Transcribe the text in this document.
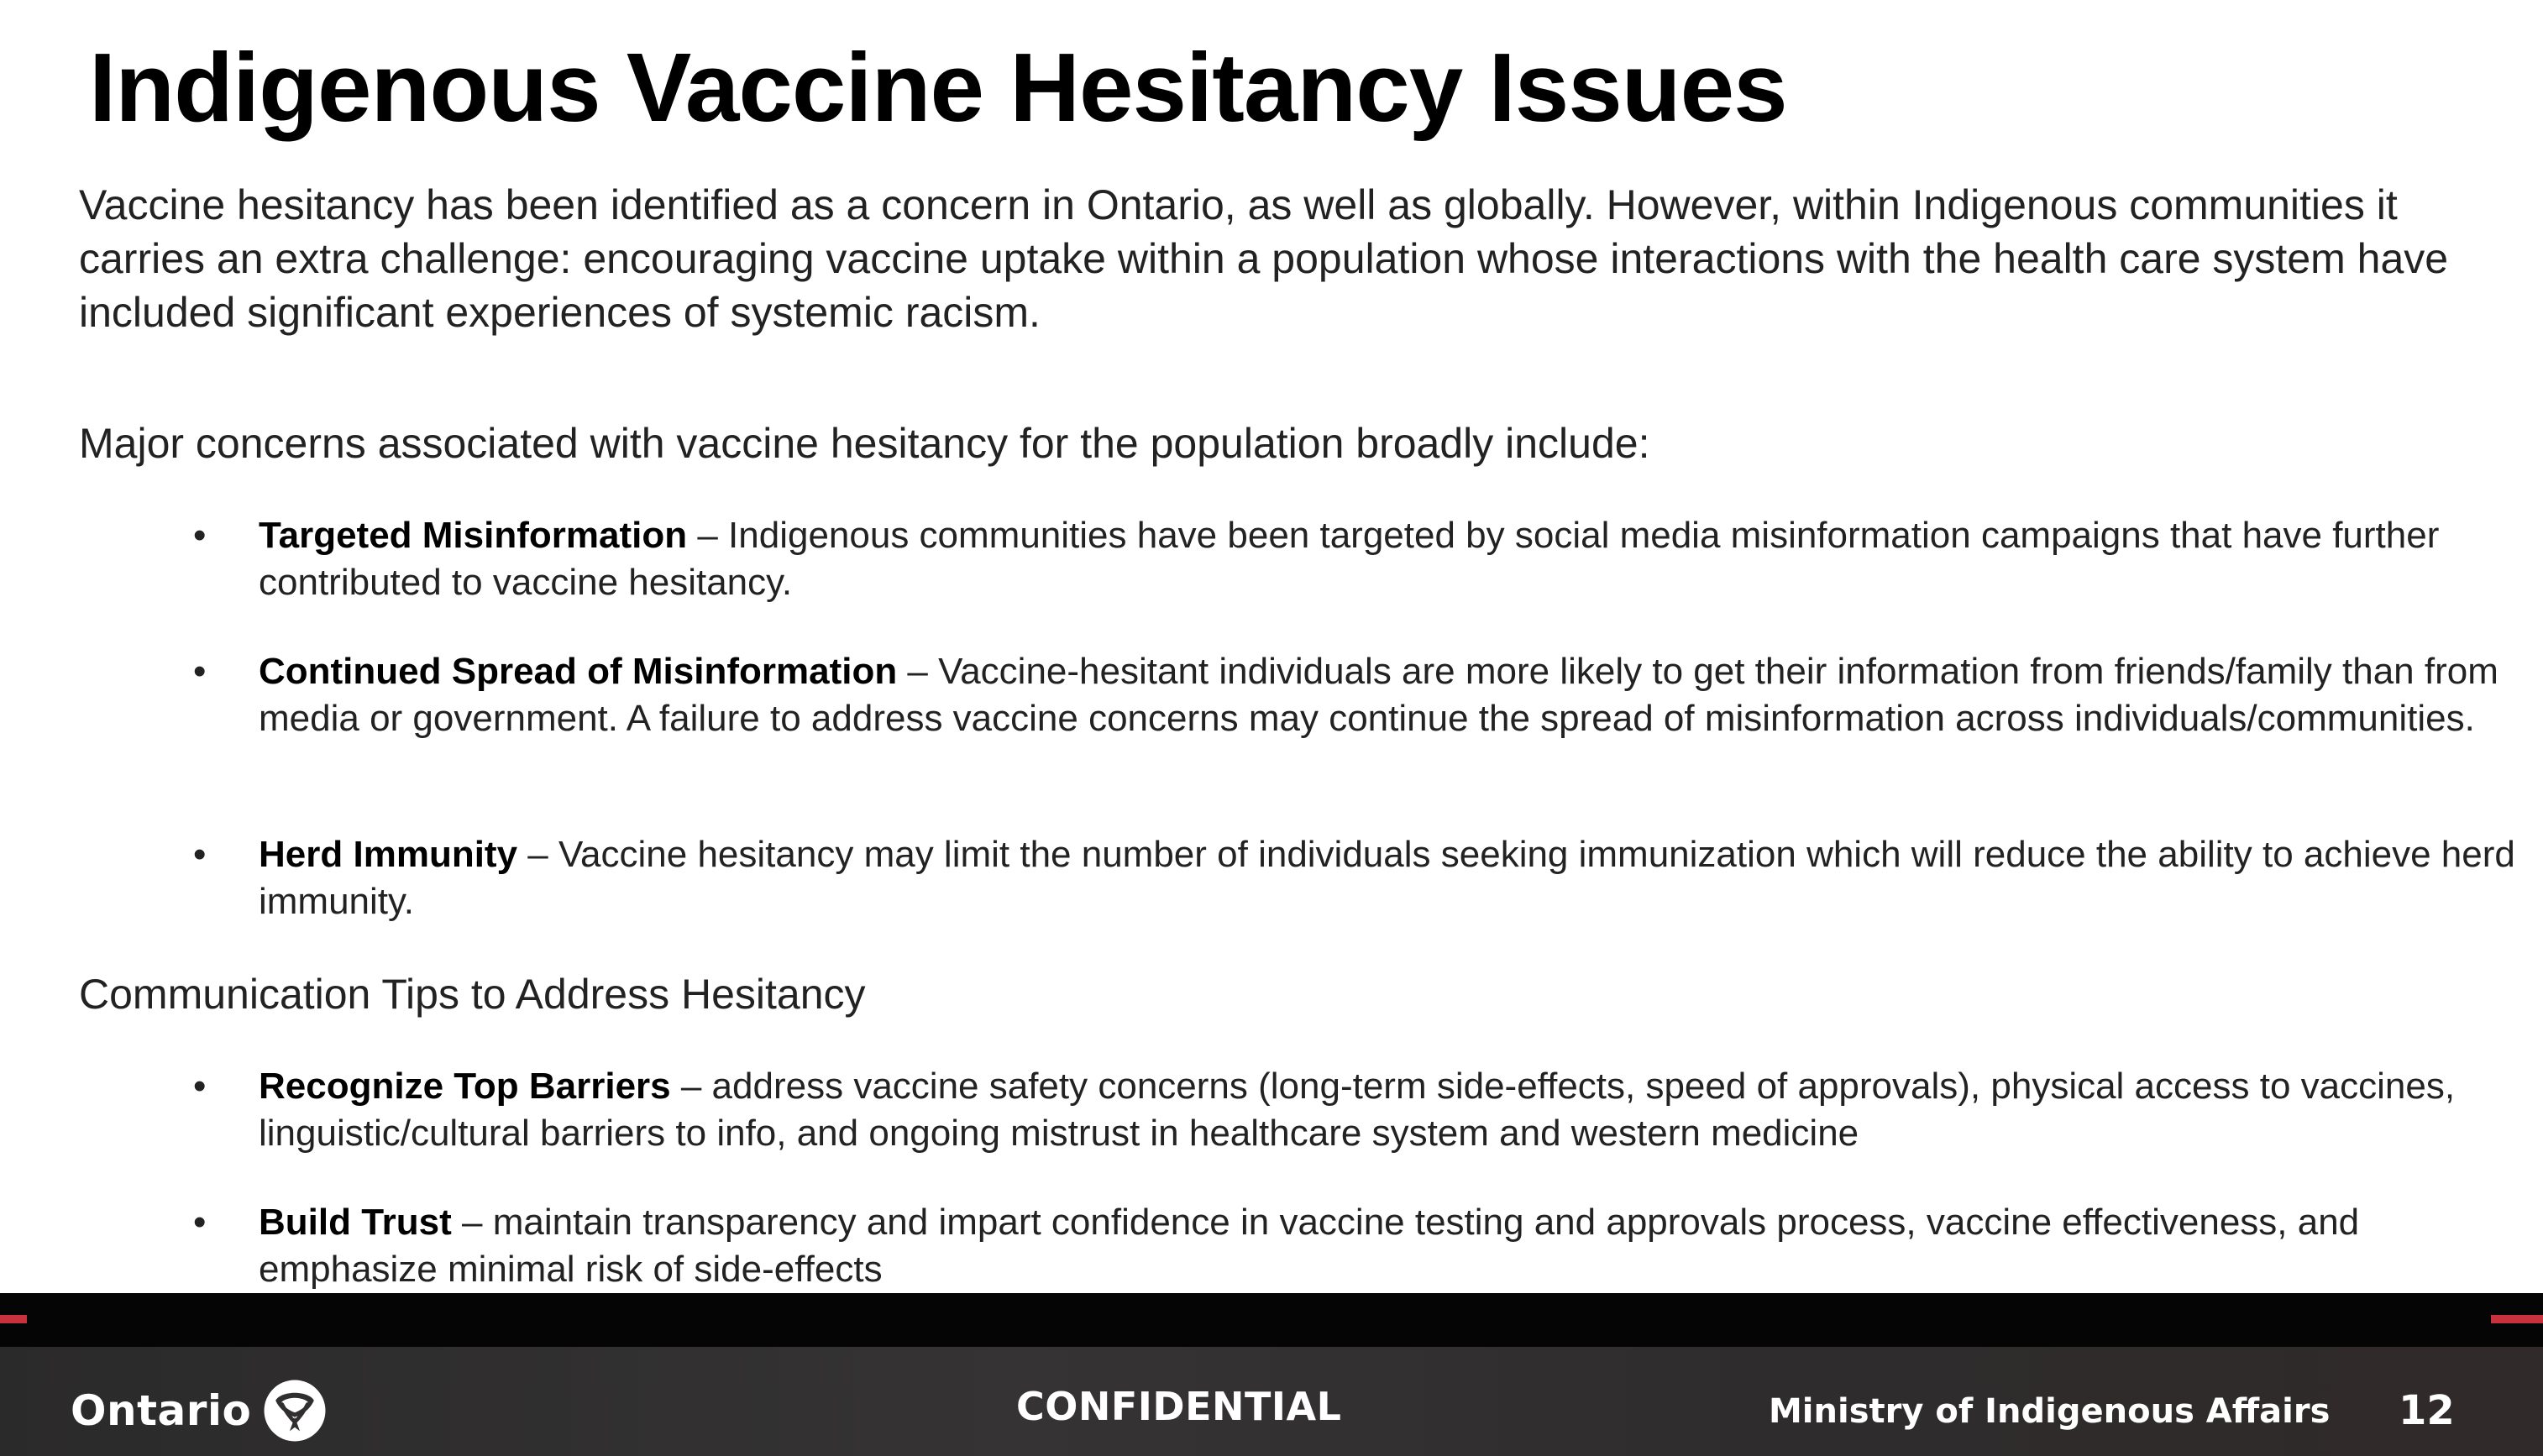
Indigenous Vaccine Hesitancy Issues
Vaccine hesitancy has been identified as a concern in Ontario, as well as globally. However, within Indigenous communities it carries an extra challenge: encouraging vaccine uptake within a population whose interactions with the health care system have included significant experiences of systemic racism.
Major concerns associated with vaccine hesitancy for the population broadly include:
• Targeted Misinformation – Indigenous communities have been targeted by social media misinformation campaigns that have further contributed to vaccine hesitancy.
• Continued Spread of Misinformation – Vaccine-hesitant individuals are more likely to get their information from friends/family than from media or government. A failure to address vaccine concerns may continue the spread of misinformation across individuals/communities.
• Herd Immunity – Vaccine hesitancy may limit the number of individuals seeking immunization which will reduce the ability to achieve herd immunity.
Communication Tips to Address Hesitancy
• Recognize Top Barriers – address vaccine safety concerns (long-term side-effects, speed of approvals), physical access to vaccines, linguistic/cultural barriers to info, and ongoing mistrust in healthcare system and western medicine
• Build Trust – maintain transparency and impart confidence in vaccine testing and approvals process, vaccine effectiveness, and emphasize minimal risk of side-effects
Ontario	CONFIDENTIAL	Ministry of Indigenous Affairs 12
